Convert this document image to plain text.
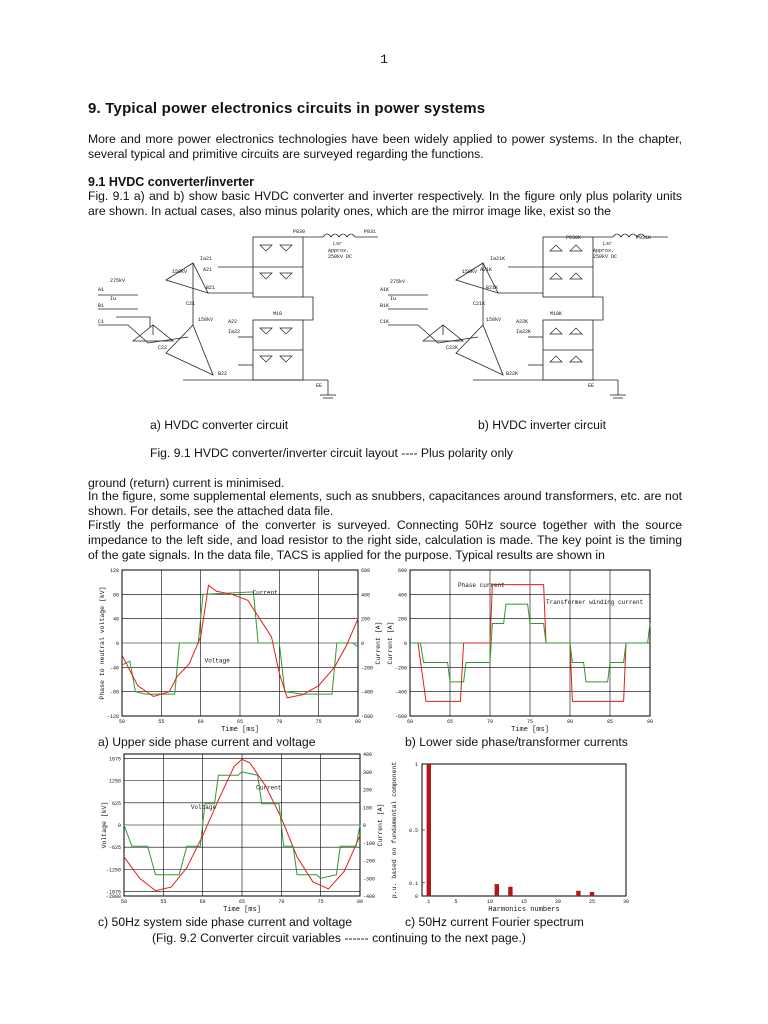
1
9. Typical power electronics circuits in power systems
More and more power electronics technologies have been widely applied to power systems. In the chapter, several typical and primitive circuits are surveyed regarding the functions.
9.1 HVDC converter/inverter
Fig. 9.1 a) and b) show basic HVDC converter and inverter respectively. In the figure only plus polarity units are shown. In actual cases, also minus polarity ones, which are the mirror image like, exist so the
P030	P031
Lsr
Approx.
250kV DC
A1
B1
C1
275kV
Iu
Ia21
A21
B21
C21
150kV
150kV	A22
Ia22
C22
B22
M10
EE
P030K	P031K
Lsr
Approx.
250kV DC
A1K
B1K
C1K
275kV
Iu
Ia21K
A21K
B21K
C21K
150kV
150kV	A22K
Ia22K
C22K
B22K
M10K
EE
a) HVDC converter circuit	b) HVDC inverter circuit
Fig. 9.1 HVDC converter/inverter circuit layout ---- Plus polarity only
ground (return) current is minimised.
In the figure, some supplemental elements, such as snubbers, capacitances around transformers, etc. are not shown. For details, see the attached data file.
Firstly the performance of the converter is surveyed. Connecting 50Hz source together with the source impedance to the left side, and load resistor to the right side, calculation is made. The key point is the timing of the gate signals. In the data file, TACS is applied for the purpose. Typical results are shown in
-120
-80
-40
0
40
80
120
-600
-400
-200
0
200
400
600
50	55	60	65	70	75	80
Time [ms]
Phase to neutral voltage [kV]	Current [A]
Current
Voltage
-600
-400
-200
0
200
400
600
60	65	70	75	80	85	90
Time [ms]
Current [A]
Phase current
Transformer winding current
-2000
-1875
-1250
-625
0
625
1250
1875
-400
-300
-200
-100
0
100
200
300
400
50	55	60	65	70	75	80
Time [ms]
Voltage [kV]	Current [A]
Current
Voltage
0
0.1
0.5
1
1	5	10	15	20	25	30
Harmonics numbers
p.u. based on fundamental component
a) Upper side phase current and voltage	b) Lower side phase/transformer currents
c) 50Hz system side phase current and voltage	c) 50Hz current Fourier spectrum
(Fig. 9.2 Converter circuit variables ------ continuing to the next page.)
